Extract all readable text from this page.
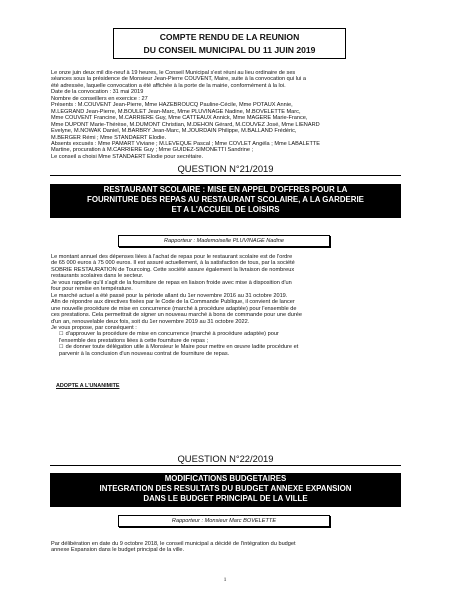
COMPTE RENDU DE LA REUNION
DU CONSEIL MUNICIPAL DU 11 JUIN 2019

Le onze juin deux mil dix-neuf à 19 heures, le Conseil Municipal s'est réuni au lieu ordinaire de ses

séances sous la présidence de Monsieur Jean-Pierre COUVENT, Maire, suite à la convocation qui lui a

été adressée, laquelle convocation a été affichée à la porte de la mairie, conformément à la loi.

Date de la convocation : 31 mai 2019

Nombre de conseillers en exercice : 27

Présents : M.COUVENT Jean-Pierre, Mme HAZEBROUCQ Pauline-Cécile, Mme POTAUX Annie,

M.LEGRAND Jean-Pierre, M.BOULET Jean-Marc, Mme PLUVINAGE Nadine, M.BOVELETTE Marc,

Mme COUVENT Francine, M.CARRIERE Guy, Mme CATTEAUX Annick, Mme MAGERE Marie-France,

Mme DUPONT Marie-Thérèse, M.DUMONT Christian, M.DEHON Gérard, M.COUVEZ José, Mme LIENARD

Evelyne, M.NOWAK Daniel, M.BARBRY Jean-Marc, M.JOURDAIN Philippe, M.BALLAND Frédéric,

M.BERGER Rémi ; Mme STANDAERT Elodie.

Absents excusés : Mme PAMART Viviane ; M.LEVEQUE Pascal ; Mme COVLET Angéla ; Mme LABALETTE

Martine, procuration à M.CARRIERE Guy ; Mme GUIDEZ-SIMONETTI Sandrine ;

Le conseil a choisi Mme STANDAERT Elodie pour secrétaire.

QUESTION N°21/2019
RESTAURANT SCOLAIRE : MISE EN APPEL D'OFFRES POUR LA
FOURNITURE DES REPAS AU RESTAURANT SCOLAIRE, A LA GARDERIE
ET A L'ACCUEIL DE LOISIRS
Rapporteur : Mademoiselle PLUVINAGE Nadine

Le montant annuel des dépenses liées à l'achat de repas pour le restaurant scolaire est de l'ordre

de 65 000 euros à 75 000 euros. Il est assuré actuellement, à la satisfaction de tous, par la société

SOBRIE RESTAURATION de Tourcoing. Cette société assure également la livraison de nombreux

restaurants scolaires dans le secteur.

Je vous rappelle qu'il s'agit de la fourniture de repas en liaison froide avec mise à disposition d'un

four pour remise en température.

Le marché actuel a été passé pour la période allant du 1er novembre 2016 au 31 octobre 2019.

Afin de répondre aux directives fixées par le Code de la Commande Publique, il convient de lancer

une nouvelle procédure de mise en concurrence (marché à procédure adaptée) pour l'ensemble de

ces prestations. Cela permettrait de signer un nouveau marché à bons de commande pour une durée

d'un an, renouvelable deux fois, soit du 1er novembre 2019 au 31 octobre 2022.

Je vous propose, par conséquent :

☐ d'approuver la procédure de mise en concurrence (marché à procédure adaptée) pour

l'ensemble des prestations liées à cette fourniture de repas ;

☐ de donner toute délégation utile à Monsieur le Maire pour mettre en œuvre ladite procédure et

parvenir à la conclusion d'un nouveau contrat de fourniture de repas.

ADOPTE A L'UNANIMITE
QUESTION N°22/2019
MODIFICATIONS BUDGETAIRES
INTEGRATION DES RESULTATS DU BUDGET ANNEXE EXPANSION
DANS LE BUDGET PRINCIPAL DE LA VILLE
Rapporteur : Monsieur Marc BOVELETTE

Par délibération en date du 9 octobre 2018, le conseil municipal a décidé de l'intégration du budget

annexe Expansion dans le budget principal de la ville.

1
